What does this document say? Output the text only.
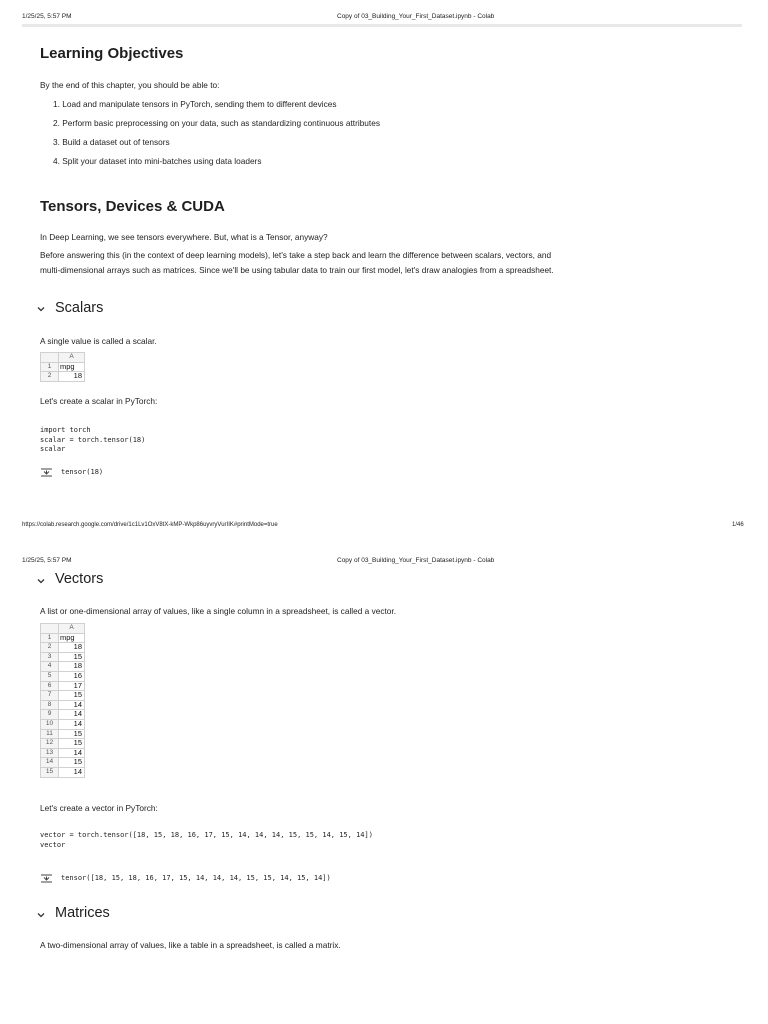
1/25/25, 5:57 PM	Copy of 03_Building_Your_First_Dataset.ipynb - Colab
Learning Objectives
By the end of this chapter, you should be able to:
1. Load and manipulate tensors in PyTorch, sending them to different devices
2. Perform basic preprocessing on your data, such as standardizing continuous attributes
3. Build a dataset out of tensors
4. Split your dataset into mini-batches using data loaders
Tensors, Devices & CUDA
In Deep Learning, we see tensors everywhere. But, what is a Tensor, anyway?
Before answering this (in the context of deep learning models), let's take a step back and learn the difference between scalars, vectors, and
multi-dimensional arrays such as matrices. Since we'll be using tabular data to train our first model, let's draw analogies from a spreadsheet.
Scalars
A single value is called a scalar.
	A
1	mpg
2	18
Let's create a scalar in PyTorch:
import torch
scalar = torch.tensor(18)
scalar
tensor(18)
https://colab.research.google.com/drive/1c1Lv1OxV8tX-kMP-Wkp86uyvryVurIIK#printMode=true	1/46
1/25/25, 5:57 PM	Copy of 03_Building_Your_First_Dataset.ipynb - Colab
Vectors
A list or one-dimensional array of values, like a single column in a spreadsheet, is called a vector.
	A
1	mpg
2	18
3	15
4	18
5	16
6	17
7	15
8	14
9	14
10	14
11	15
12	15
13	14
14	15
15	14
Let's create a vector in PyTorch:
vector = torch.tensor([18, 15, 18, 16, 17, 15, 14, 14, 14, 15, 15, 14, 15, 14])
vector
tensor([18, 15, 18, 16, 17, 15, 14, 14, 14, 15, 15, 14, 15, 14])
Matrices
A two-dimensional array of values, like a table in a spreadsheet, is called a matrix.
